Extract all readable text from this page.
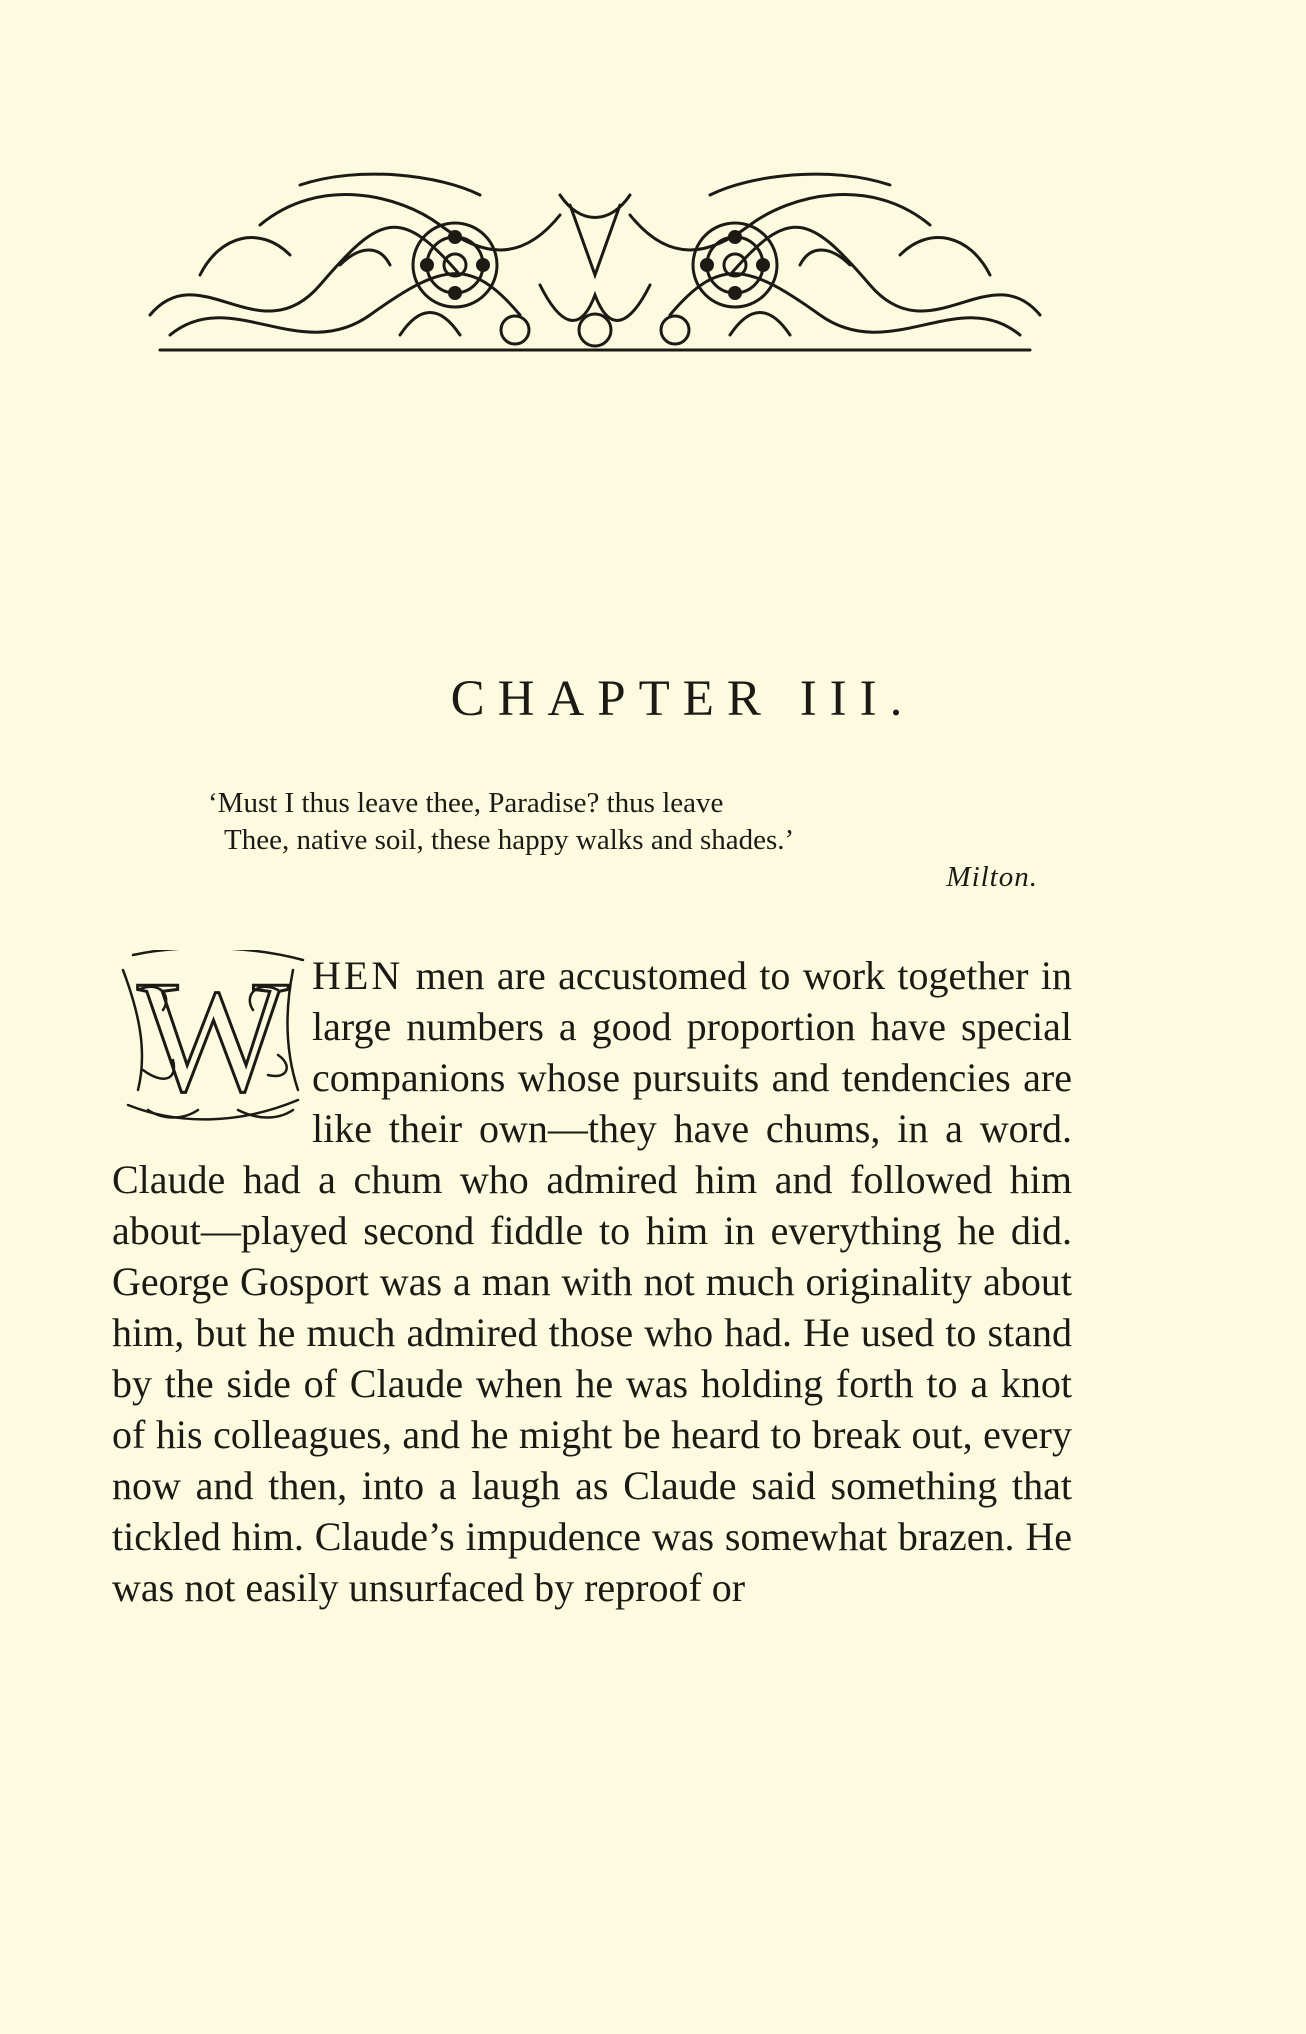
CHAPTER III.
‘Must I thus leave thee, Paradise? thus leave
Thee, native soil, these happy walks and shades.’
Milton.
W HEN men are accustomed to work together in large numbers a good proportion have special companions whose pursuits and tendencies are like their own—they have chums, in a word. Claude had a chum who admired him and followed him about—played second fiddle to him in everything he did. George Gosport was a man with not much originality about him, but he much admired those who had. He used to stand by the side of Claude when he was holding forth to a knot of his colleagues, and he might be heard to break out, every now and then, into a laugh as Claude said something that tickled him. Claude’s impudence was somewhat brazen. He was not easily unsurfaced by reproof or
